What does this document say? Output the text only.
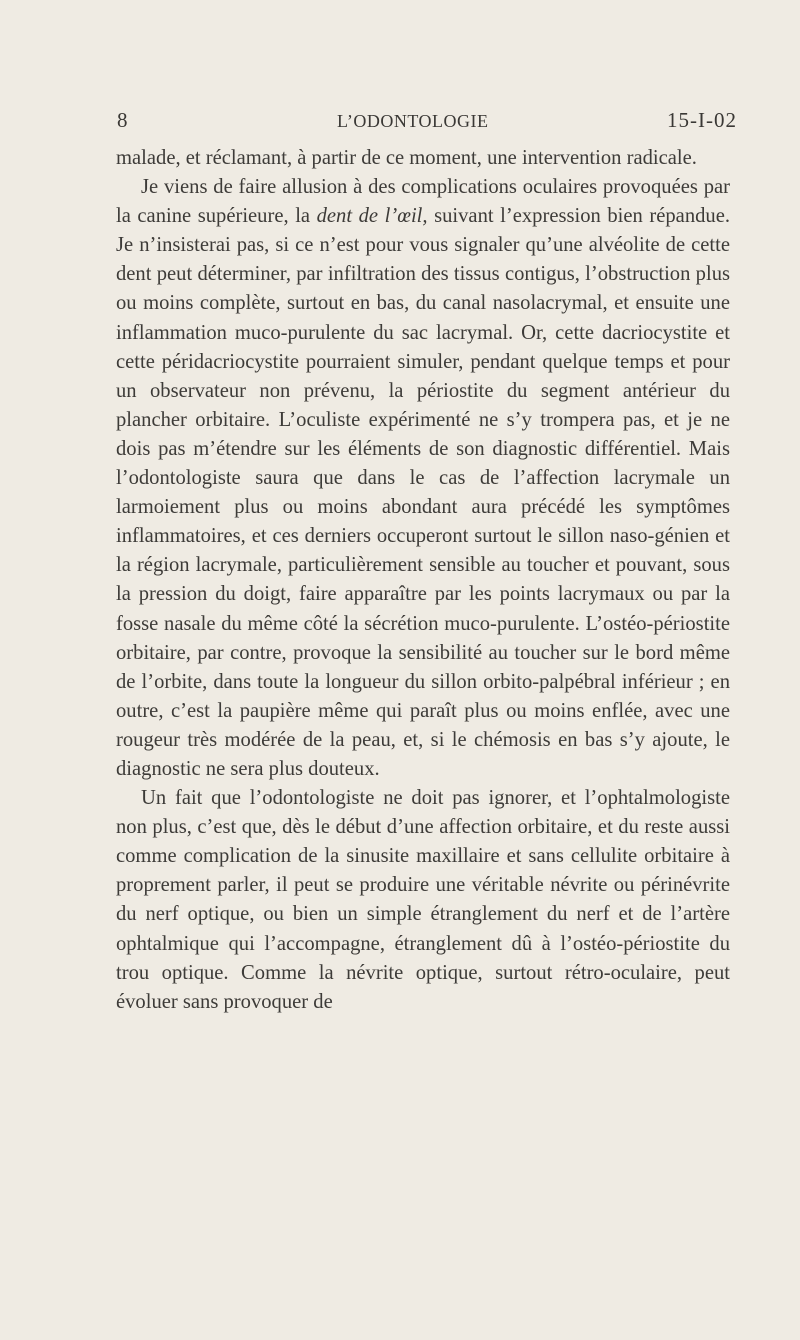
8	L’ODONTOLOGIE	15-I-02

malade, et réclamant, à partir de ce moment, une intervention radicale.

Je viens de faire allusion à des complications oculaires provoquées par la canine supérieure, la dent de l’œil, suivant l’expression bien répandue. Je n’insisterai pas, si ce n’est pour vous signaler qu’une alvéolite de cette dent peut déterminer, par infiltration des tissus contigus, l’obstruction plus ou moins complète, surtout en bas, du canal nasolacrymal, et ensuite une inflammation muco-purulente du sac lacrymal. Or, cette dacriocystite et cette péridacriocystite pourraient simuler, pendant quelque temps et pour un observateur non prévenu, la périostite du segment antérieur du plancher orbitaire. L’oculiste expérimenté ne s’y trompera pas, et je ne dois pas m’étendre sur les éléments de son diagnostic différentiel. Mais l’odontologiste saura que dans le cas de l’affection lacrymale un larmoiement plus ou moins abondant aura précédé les symptômes inflammatoires, et ces derniers occuperont surtout le sillon naso-génien et la région lacrymale, particulièrement sensible au toucher et pouvant, sous la pression du doigt, faire apparaître par les points lacrymaux ou par la fosse nasale du même côté la sécrétion muco-purulente. L’ostéo-périostite orbitaire, par contre, provoque la sensibilité au toucher sur le bord même de l’orbite, dans toute la longueur du sillon orbito-palpébral inférieur ; en outre, c’est la paupière même qui paraît plus ou moins enflée, avec une rougeur très modérée de la peau, et, si le chémosis en bas s’y ajoute, le diagnostic ne sera plus douteux.

Un fait que l’odontologiste ne doit pas ignorer, et l’ophtalmologiste non plus, c’est que, dès le début d’une affection orbitaire, et du reste aussi comme complication de la sinusite maxillaire et sans cellulite orbitaire à proprement parler, il peut se produire une véritable névrite ou périnévrite du nerf optique, ou bien un simple étranglement du nerf et de l’artère ophtalmique qui l’accompagne, étranglement dû à l’ostéo-périostite du trou optique. Comme la névrite optique, surtout rétro-oculaire, peut évoluer sans provoquer de
